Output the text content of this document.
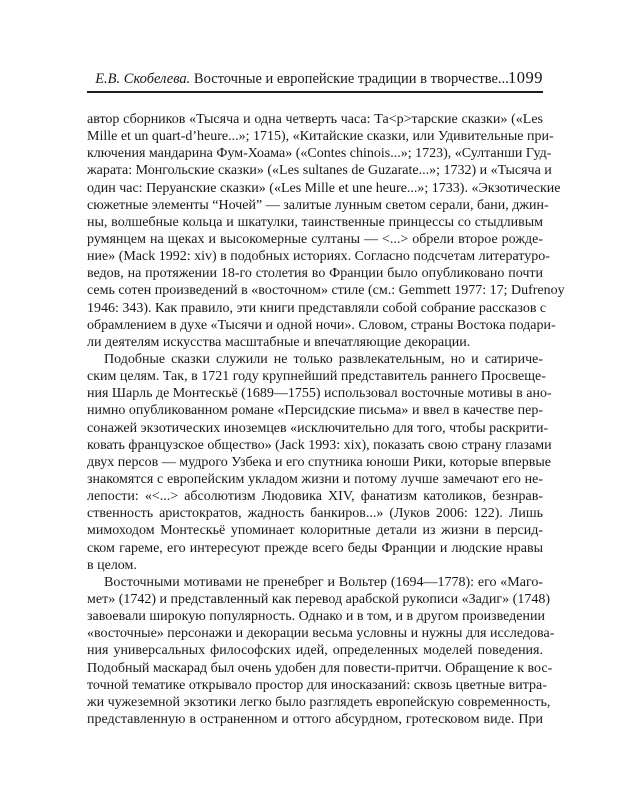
Е.В. Скобелева. Восточные и европейские традиции в творчестве... 1099
автор сборников «Тысяча и одна четверть часа: Та<р>тарские сказки» («Les
Mille et un quart-d’heure...»; 1715), «Китайские сказки, или Удивительные при-
ключения мандарина Фум-Хоама» («Contes chinois...»; 1723), «Султанши Гуд-
жарата: Монгольские сказки» («Les sultanes de Guzarate...»; 1732) и «Тысяча и
один час: Перуанские сказки» («Les Mille et une heure...»; 1733). «Экзотические
сюжетные элементы “Ночей” — залитые лунным светом серали, бани, джин-
ны, волшебные кольца и шкатулки, таинственные принцессы со стыдливым
румянцем на щеках и высокомерные султаны — <...> обрели второе рожде-
ние» (Mack 1992: xiv) в подобных историях. Согласно подсчетам литературо-
ведов, на протяжении 18-го столетия во Франции было опубликовано почти
семь сотен произведений в «восточном» стиле (см.: Gemmett 1977: 17; Dufrenoy
1946: 343). Как правило, эти книги представляли собой собрание рассказов с
обрамлением в духе «Тысячи и одной ночи». Словом, страны Востока подари-
ли деятелям искусства масштабные и впечатляющие декорации.
Подобные сказки служили не только развлекательным, но и сатириче-
ским целям. Так, в 1721 году крупнейший представитель раннего Просвеще-
ния Шарль де Монтескьё (1689—1755) использовал восточные мотивы в ано-
нимно опубликованном романе «Персидские письма» и ввел в качестве пер-
сонажей экзотических иноземцев «исключительно для того, чтобы раскрити-
ковать французское общество» (Jack 1993: xix), показать свою страну глазами
двух персов — мудрого Узбека и его спутника юноши Рики, которые впервые
знакомятся с европейским укладом жизни и потому лучше замечают его не-
лепости: «<...> абсолютизм Людовика XIV, фанатизм католиков, безнрав-
ственность аристократов, жадность банкиров...» (Луков 2006: 122). Лишь
мимоходом Монтескьё упоминает колоритные детали из жизни в персид-
ском гареме, его интересуют прежде всего беды Франции и людские нравы
в целом.
Восточными мотивами не пренебрег и Вольтер (1694—1778): его «Маго-
мет» (1742) и представленный как перевод арабской рукописи «Задиг» (1748)
завоевали широкую популярность. Однако и в том, и в другом произведении
«восточные» персонажи и декорации весьма условны и нужны для исследова-
ния универсальных философских идей, определенных моделей поведения.
Подобный маскарад был очень удобен для повести-притчи. Обращение к вос-
точной тематике открывало простор для иносказаний: сквозь цветные витра-
жи чужеземной экзотики легко было разглядеть европейскую современность,
представленную в остраненном и оттого абсурдном, гротесковом виде. При
